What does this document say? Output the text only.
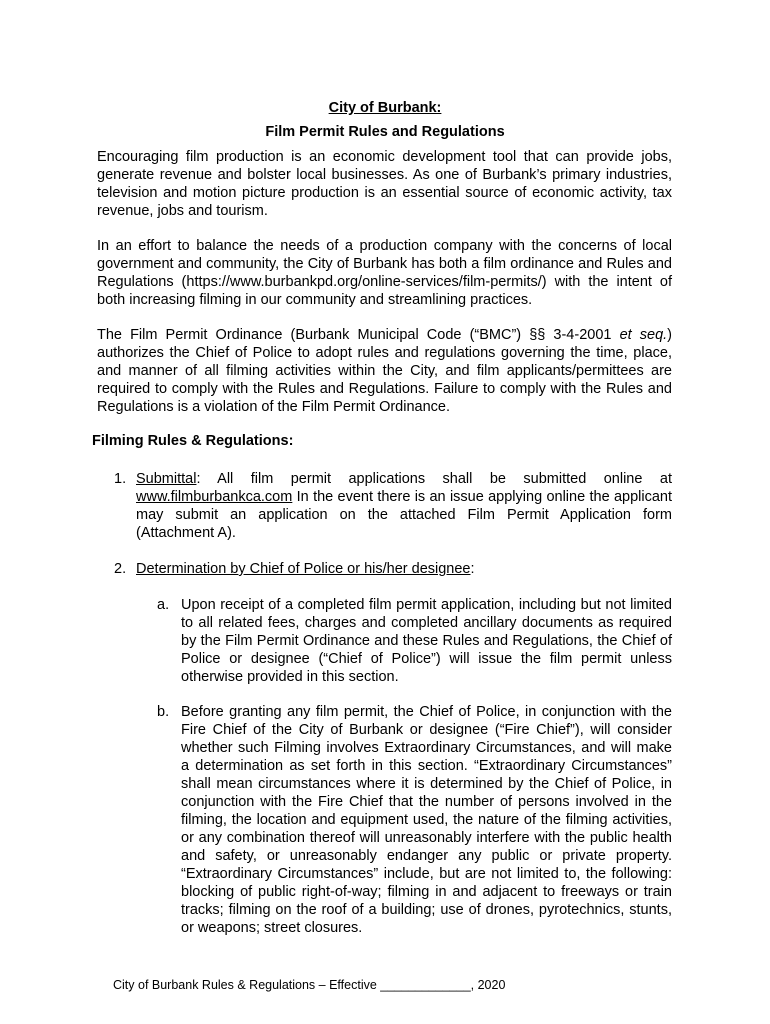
City of Burbank:
Film Permit Rules and Regulations
Encouraging film production is an economic development tool that can provide jobs, generate revenue and bolster local businesses. As one of Burbank’s primary industries, television and motion picture production is an essential source of economic activity, tax revenue, jobs and tourism.
In an effort to balance the needs of a production company with the concerns of local government and community, the City of Burbank has both a film ordinance and Rules and Regulations (https://www.burbankpd.org/online-services/film-permits/) with the intent of both increasing filming in our community and streamlining practices.
The Film Permit Ordinance (Burbank Municipal Code (“BMC”) §§ 3-4-2001 et seq.) authorizes the Chief of Police to adopt rules and regulations governing the time, place, and manner of all filming activities within the City, and film applicants/permittees are required to comply with the Rules and Regulations. Failure to comply with the Rules and Regulations is a violation of the Film Permit Ordinance.
Filming Rules & Regulations:
1. Submittal: All film permit applications shall be submitted online at www.filmburbankca.com In the event there is an issue applying online the applicant may submit an application on the attached Film Permit Application form (Attachment A).
2. Determination by Chief of Police or his/her designee:
a. Upon receipt of a completed film permit application, including but not limited to all related fees, charges and completed ancillary documents as required by the Film Permit Ordinance and these Rules and Regulations, the Chief of Police or designee (“Chief of Police”) will issue the film permit unless otherwise provided in this section.
b. Before granting any film permit, the Chief of Police, in conjunction with the Fire Chief of the City of Burbank or designee (“Fire Chief”), will consider whether such Filming involves Extraordinary Circumstances, and will make a determination as set forth in this section. “Extraordinary Circumstances” shall mean circumstances where it is determined by the Chief of Police, in conjunction with the Fire Chief that the number of persons involved in the filming, the location and equipment used, the nature of the filming activities, or any combination thereof will unreasonably interfere with the public health and safety, or unreasonably endanger any public or private property. “Extraordinary Circumstances” include, but are not limited to, the following: blocking of public right-of-way; filming in and adjacent to freeways or train tracks; filming on the roof of a building; use of drones, pyrotechnics, stunts, or weapons; street closures.
City of Burbank Rules & Regulations – Effective _____________, 2020
